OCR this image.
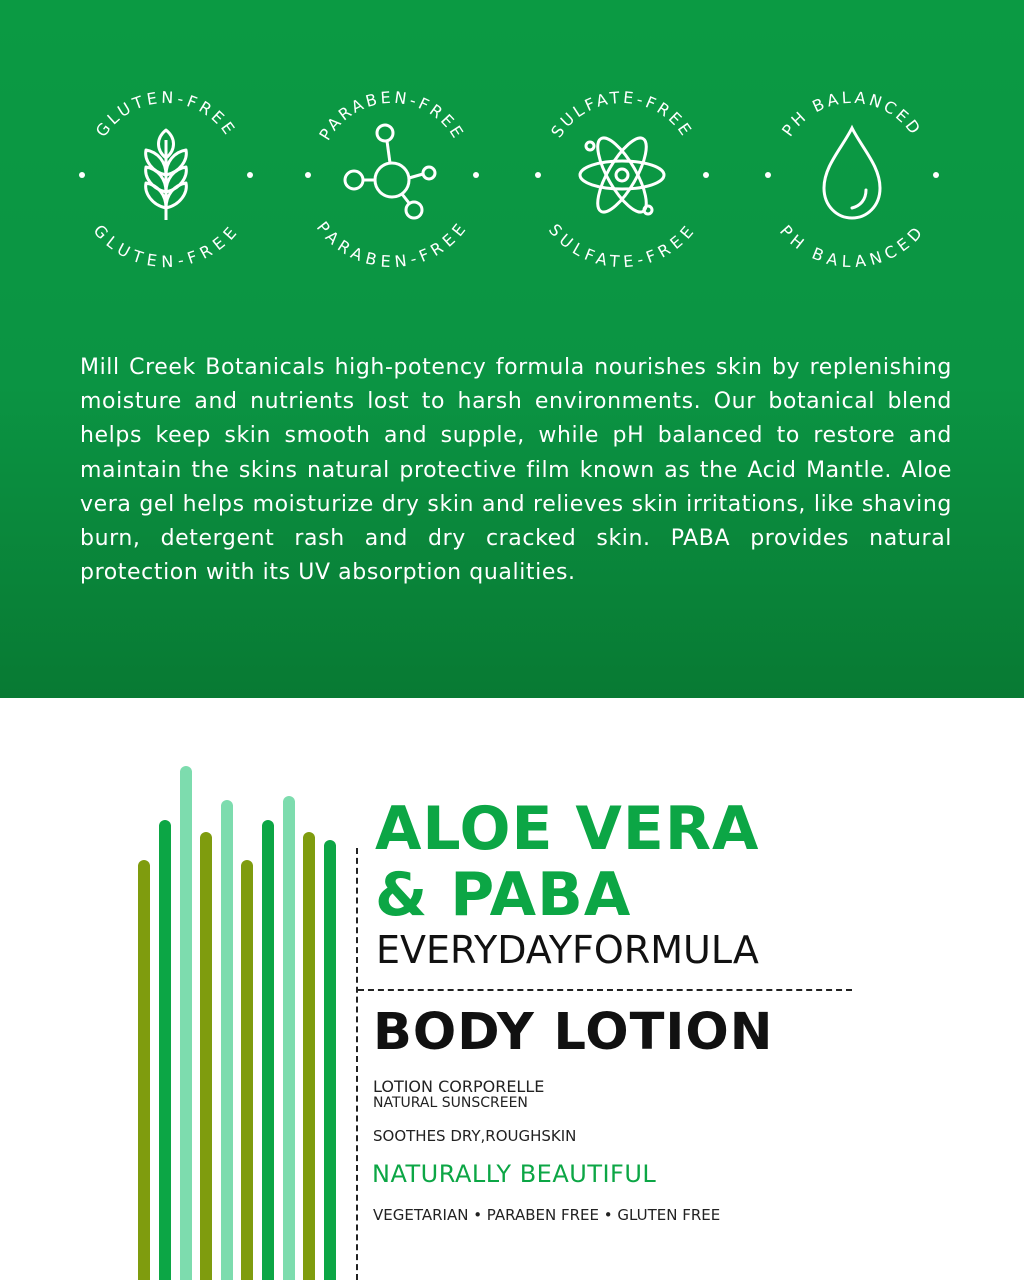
GLUTEN-FREE
GLUTEN-FREE
PARABEN-FREE
PARABEN-FREE
SULFATE-FREE
SULFATE-FREE
PH BALANCED
PH BALANCED

Mill Creek Botanicals high-potency formula nourishes skin by replenishing moisture and nutrients lost to harsh environments. Our botanical blend helps keep skin smooth and supple, while pH balanced to restore and maintain the skins natural protective film known as the Acid Mantle. Aloe vera gel helps moisturize dry skin and relieves skin irritations, like shaving burn, detergent rash and dry cracked skin. PABA provides natural protection with its UV absorption qualities.

ALOE VERA
& PABA

EVERYDAYFORMULA

BODY LOTION

LOTION CORPORELLE

NATURAL SUNSCREEN

SOOTHES DRY,ROUGHSKIN

NATURALLY BEAUTIFUL

VEGETARIAN • PARABEN FREE • GLUTEN FREE
